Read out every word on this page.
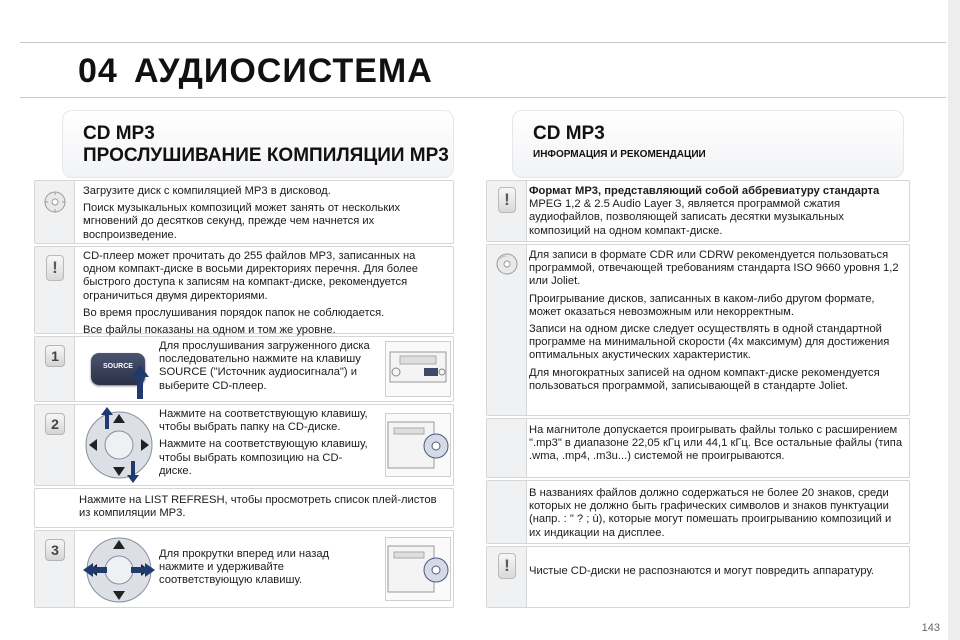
04 АУДИОСИСТЕМА
CD MP3
ПРОСЛУШИВАНИЕ КОМПИЛЯЦИИ MP3

Загрузите диск с компиляцией MP3 в дисковод.

Поиск музыкальных композиций может занять от нескольких мгновений до десятков секунд, прежде чем начнется их воспроизведение.

!

CD-плеер может прочитать до 255 файлов MP3, записанных на одном компакт-диске в восьми директориях перечня. Для более быстрого доступа к записям на компакт-диске, рекомендуется ограничиться двумя директориями.

Во время прослушивания порядок папок не соблюдается.

Все файлы показаны на одном и том же уровне.

1
SOURCE
Для прослушивания загруженного диска последовательно нажмите на клавишу SOURCE ("Источник аудиосигнала") и выберите CD-плеер.
2

Нажмите на соответствующую клавишу, чтобы выбрать папку на CD-диске.

Нажмите на соответствующую клавишу, чтобы выбрать композицию на CD-диске.

Нажмите на LIST REFRESH, чтобы просмотреть список плей-листов из компиляции MP3.
3	Для прокрутки вперед или назад нажмите и удерживайте соответствующую клавишу.
CD MP3
ИНФОРМАЦИЯ И РЕКОМЕНДАЦИИ
!	Формат MP3, представляющий собой аббревиатуру стандарта
MPEG 1,2 & 2.5 Audio Layer 3, является программой сжатия аудиофайлов, позволяющей записать десятки музыкальных композиций на одном компакт-диске.

Для записи в формате CDR или CDRW рекомендуется пользоваться программой, отвечающей требованиям стандарта ISO 9660 уровня 1,2 или Joliet.

Проигрывание дисков, записанных в каком-либо другом формате, может оказаться невозможным или некорректным.

Записи на одном диске следует осуществлять в одной стандартной программе на минимальной скорости (4x максимум) для достижения оптимальных акустических характеристик.

Для многократных записей на одном компакт-диске рекомендуется пользоваться программой, записывающей в стандарте Joliet.

На магнитоле допускается проигрывать файлы только с расширением ".mp3" в диапазоне 22,05 кГц или 44,1 кГц. Все остальные файлы (типа .wma, .mp4, .m3u...) системой не проигрываются.
В названиях файлов должно содержаться не более 20 знаков, среди которых не должно быть графических символов и знаков пунктуации (напр. : " ? ; ù), которые могут помешать проигрыванию композиций и их индикации на дисплее.
!	Чистые CD-диски не распознаются и могут повредить аппаратуру.
143
